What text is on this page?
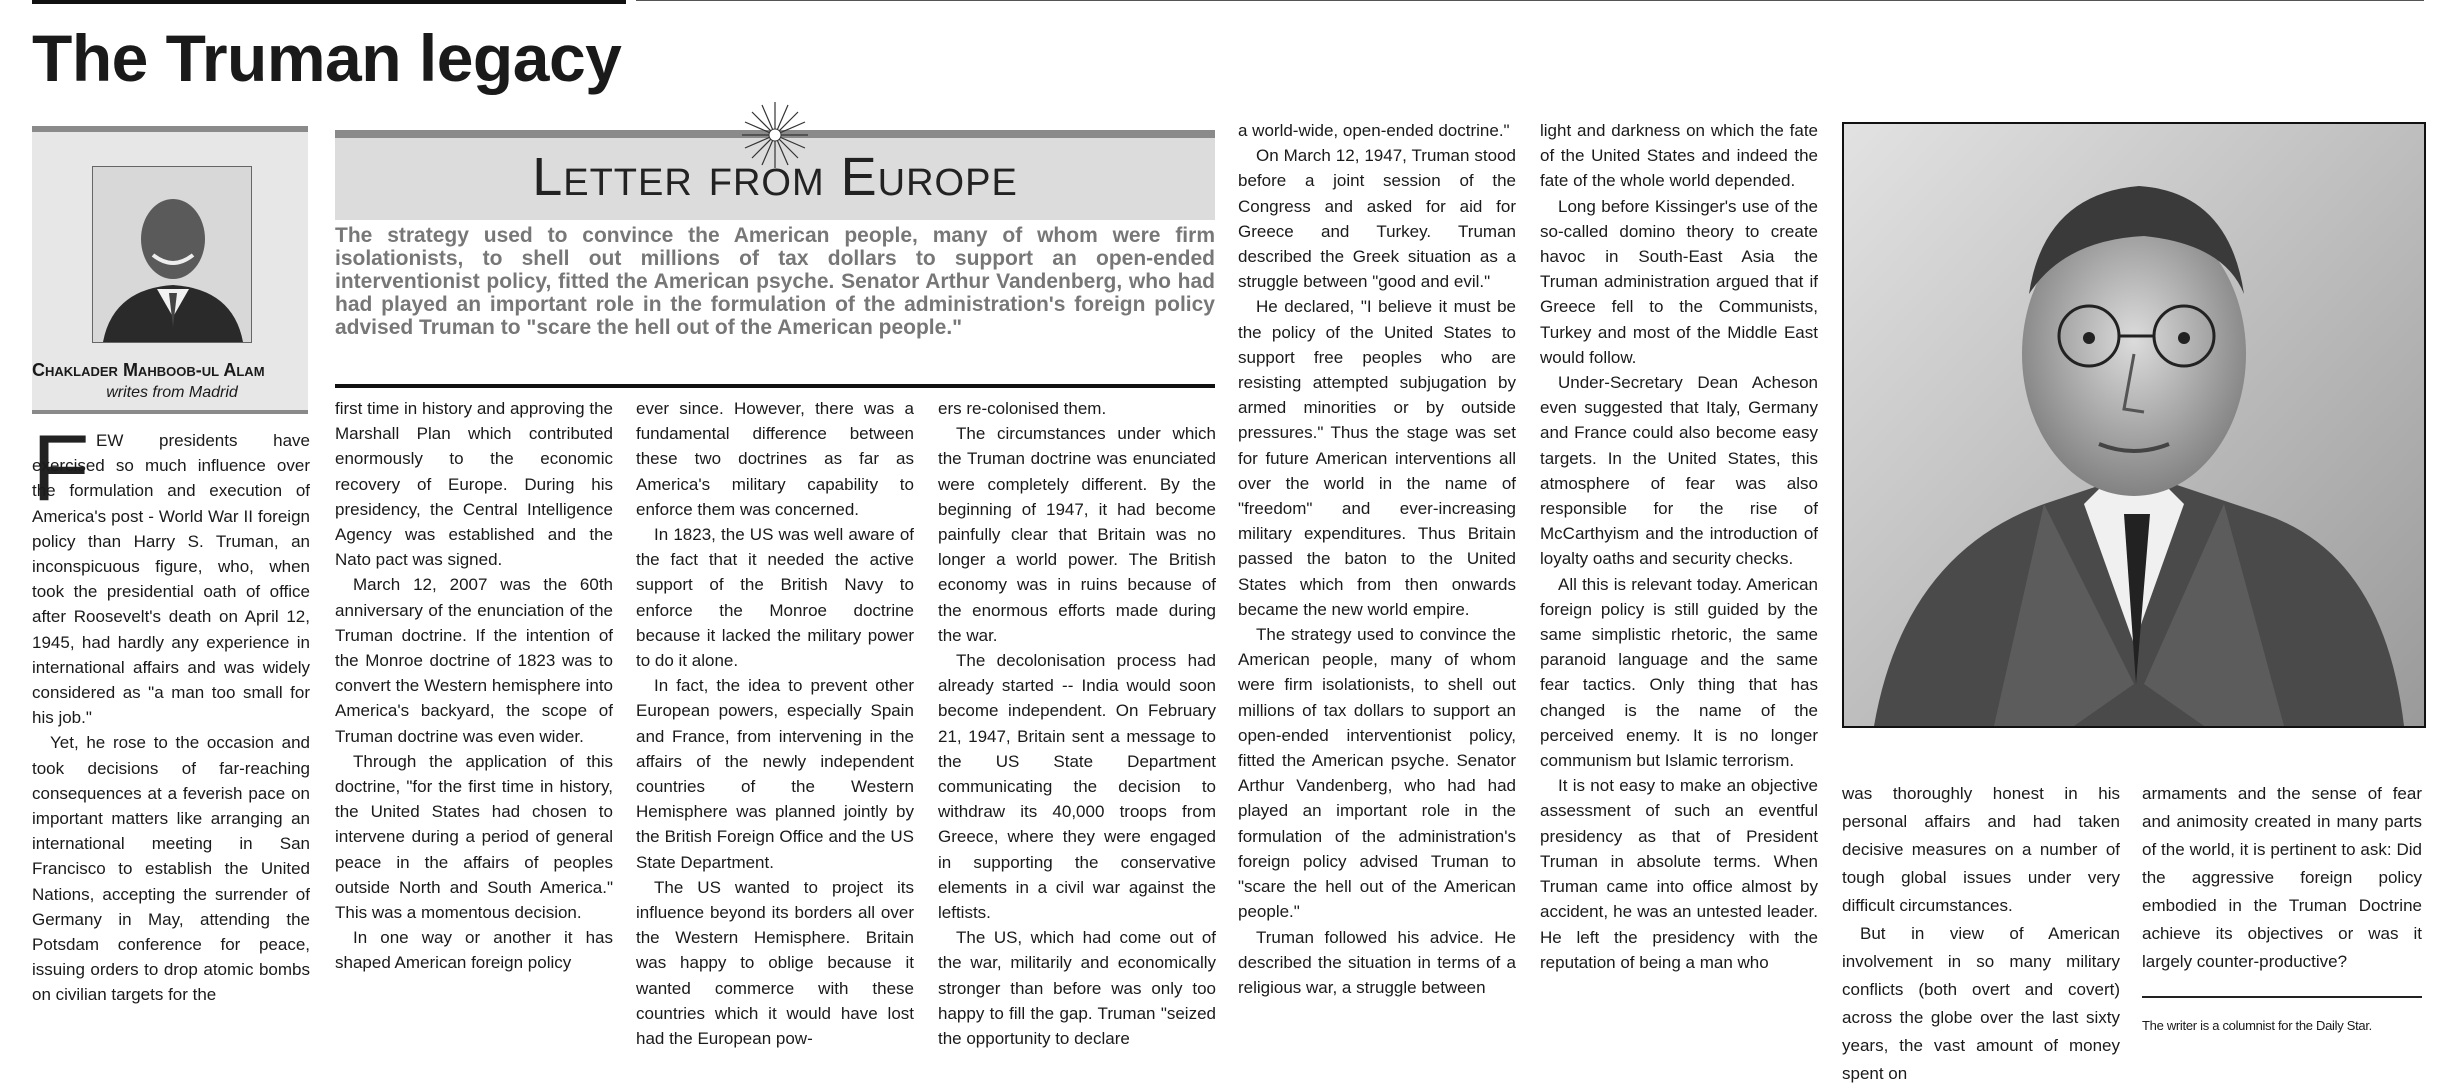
The Truman legacy
Chaklader Mahboob-ul Alam
writes from Madrid
Letter from Europe
The strategy used to convince the American people, many of whom were firm isolationists, to shell out millions of tax dollars to support an open-ended interventionist policy, fitted the American psyche. Senator Arthur Vandenberg, who had had played an important role in the formulation of the administration's foreign policy advised Truman to "scare the hell out of the American people."
F EW presidents have exercised so much influence over the formulation and execution of America's post - World War II foreign policy than Harry S. Truman, an inconspicuous figure, who, when took the presidential oath of office after Roosevelt's death on April 12, 1945, had hardly any experience in international affairs and was widely considered as "a man too small for his job."

Yet, he rose to the occasion and took decisions of far-reaching consequences at a feverish pace on important matters like arranging an international meeting in San Francisco to establish the United Nations, accepting the surrender of Germany in May, attending the Potsdam conference for peace, issuing orders to drop atomic bombs on civilian targets for the

first time in history and approving the Marshall Plan which contributed enormously to the economic recovery of Europe. During his presidency, the Central Intelligence Agency was established and the Nato pact was signed.

March 12, 2007 was the 60th anniversary of the enunciation of the Truman doctrine. If the intention of the Monroe doctrine of 1823 was to convert the Western hemisphere into America's backyard, the scope of Truman doctrine was even wider.

Through the application of this doctrine, "for the first time in history, the United States had chosen to intervene during a period of general peace in the affairs of peoples outside North and South America." This was a momentous decision.

In one way or another it has shaped American foreign policy

ever since. However, there was a fundamental difference between these two doctrines as far as America's military capability to enforce them was concerned.

In 1823, the US was well aware of the fact that it needed the active support of the British Navy to enforce the Monroe doctrine because it lacked the military power to do it alone.

In fact, the idea to prevent other European powers, especially Spain and France, from intervening in the affairs of the newly independent countries of the Western Hemisphere was planned jointly by the British Foreign Office and the US State Department.

The US wanted to project its influence beyond its borders all over the Western Hemisphere. Britain was happy to oblige because it wanted commerce with these countries which it would have lost had the European pow-

ers re-colonised them.

The circumstances under which the Truman doctrine was enunciated were completely different. By the beginning of 1947, it had become painfully clear that Britain was no longer a world power. The British economy was in ruins because of the enormous efforts made during the war.

The decolonisation process had already started -- India would soon become independent. On February 21, 1947, Britain sent a message to the US State Department communicating the decision to withdraw its 40,000 troops from Greece, where they were engaged in supporting the conservative elements in a civil war against the leftists.

The US, which had come out of the war, militarily and economically stronger than before was only too happy to fill the gap. Truman "seized the opportunity to declare

a world-wide, open-ended doctrine."

On March 12, 1947, Truman stood before a joint session of the Congress and asked for aid for Greece and Turkey. Truman described the Greek situation as a struggle between "good and evil."

He declared, "I believe it must be the policy of the United States to support free peoples who are resisting attempted subjugation by armed minorities or by outside pressures." Thus the stage was set for future American interventions all over the world in the name of "freedom" and ever-increasing military expenditures. Thus Britain passed the baton to the United States which from then onwards became the new world empire.

The strategy used to convince the American people, many of whom were firm isolationists, to shell out millions of tax dollars to support an open-ended interventionist policy, fitted the American psyche. Senator Arthur Vandenberg, who had had played an important role in the formulation of the administration's foreign policy advised Truman to "scare the hell out of the American people."

Truman followed his advice. He described the situation in terms of a religious war, a struggle between

light and darkness on which the fate of the United States and indeed the fate of the whole world depended.

Long before Kissinger's use of the so-called domino theory to create havoc in South-East Asia the Truman administration argued that if Greece fell to the Communists, Turkey and most of the Middle East would follow.

Under-Secretary Dean Acheson even suggested that Italy, Germany and France could also become easy targets. In the United States, this atmosphere of fear was also responsible for the rise of McCarthyism and the introduction of loyalty oaths and security checks.

All this is relevant today. American foreign policy is still guided by the same simplistic rhetoric, the same paranoid language and the same fear tactics. Only thing that has changed is the name of the perceived enemy. It is no longer communism but Islamic terrorism.

It is not easy to make an objective assessment of such an eventful presidency as that of President Truman in absolute terms. When Truman came into office almost by accident, he was an untested leader. He left the presidency with the reputation of being a man who

was thoroughly honest in his personal affairs and had taken decisive measures on a number of tough global issues under very difficult circumstances.

But in view of American involvement in so many military conflicts (both overt and covert) across the globe over the last sixty years, the vast amount of money spent on

armaments and the sense of fear and animosity created in many parts of the world, it is pertinent to ask: Did the aggressive foreign policy embodied in the Truman Doctrine achieve its objectives or was it largely counter-productive?

The writer is a columnist for the Daily Star.
